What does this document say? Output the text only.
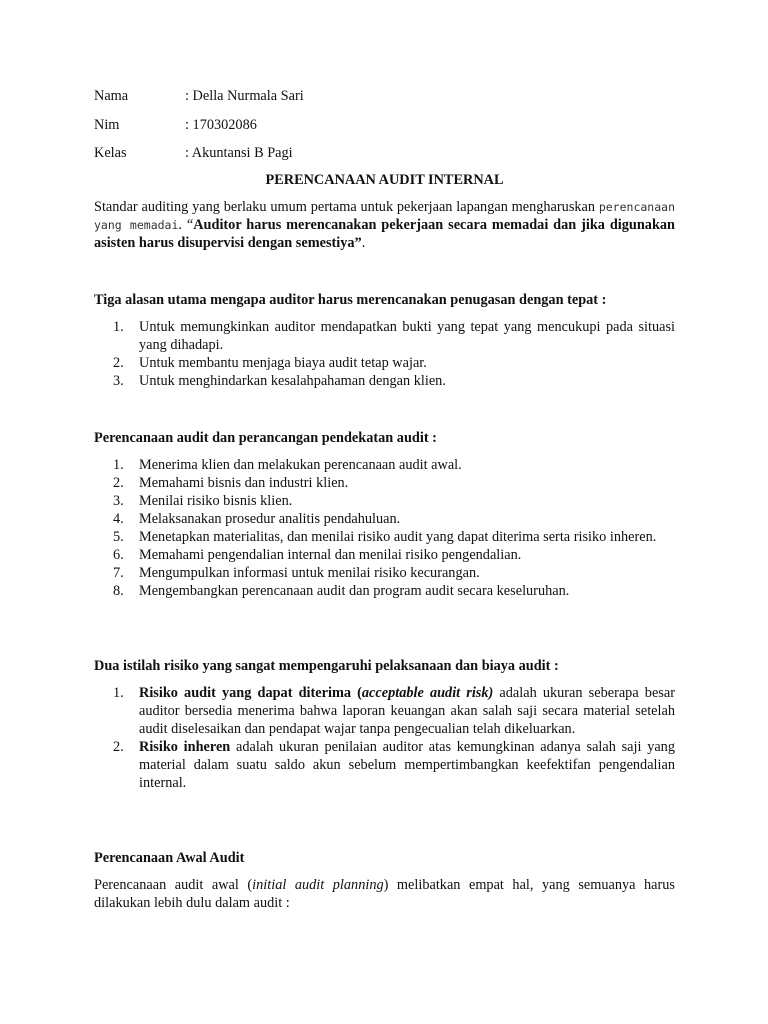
Nama	: Della Nurmala Sari
Nim	: 170302086
Kelas	: Akuntansi B Pagi
PERENCANAAN AUDIT INTERNAL

Standar auditing yang berlaku umum pertama untuk pekerjaan lapangan mengharuskan perencanaan yang memadai. “Auditor harus merencanakan pekerjaan secara memadai dan jika digunakan asisten harus disupervisi dengan semestiya”.

Tiga alasan utama mengapa auditor harus merencanakan penugasan dengan tepat :
1. Untuk memungkinkan auditor mendapatkan bukti yang tepat yang mencukupi pada situasi yang dihadapi.
2. Untuk membantu menjaga biaya audit tetap wajar.
3. Untuk menghindarkan kesalahpahaman dengan klien.
Perencanaan audit dan perancangan pendekatan audit :
1. Menerima klien dan melakukan perencanaan audit awal.
2. Memahami bisnis dan industri klien.
3. Menilai risiko bisnis klien.
4. Melaksanakan prosedur analitis pendahuluan.
5. Menetapkan materialitas, dan menilai risiko audit yang dapat diterima serta risiko inheren.
6. Memahami pengendalian internal dan menilai risiko pengendalian.
7. Mengumpulkan informasi untuk menilai risiko kecurangan.
8. Mengembangkan perencanaan audit dan program audit secara keseluruhan.
Dua istilah risiko yang sangat mempengaruhi pelaksanaan dan biaya audit :
1. Risiko audit yang dapat diterima (acceptable audit risk) adalah ukuran seberapa besar auditor bersedia menerima bahwa laporan keuangan akan salah saji secara material setelah audit diselesaikan dan pendapat wajar tanpa pengecualian telah dikeluarkan.
2. Risiko inheren adalah ukuran penilaian auditor atas kemungkinan adanya salah saji yang material dalam suatu saldo akun sebelum mempertimbangkan keefektifan pengendalian internal.
Perencanaan Awal Audit

Perencanaan audit awal (initial audit planning) melibatkan empat hal, yang semuanya harus dilakukan lebih dulu dalam audit :
